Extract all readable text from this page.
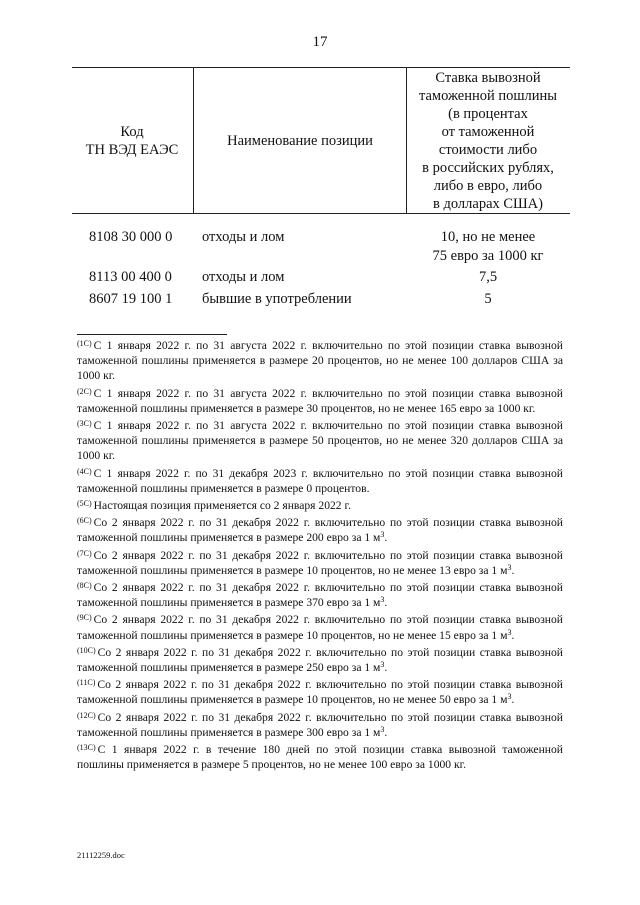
17
Код
ТН ВЭД ЕАЭС
Наименование позиции
Ставка вывозной
таможенной пошлины
(в процентах
от таможенной
стоимости либо
в российских рублях,
либо в евро, либо
в долларах США)
8108 30 000 0 отходы и лом	10, но не менее
75 евро за 1000 кг
8113 00 400 0 отходы и лом	7,5
8607 19 100 1 бывшие в употреблении	5

$^{(1С)}$ С 1 января 2022 г. по 31 августа 2022 г. включительно по этой позиции ставка вывозной таможенной пошлины применяется в размере 20 процентов, но не менее 100 долларов США за 1000 кг.

$^{(2С)}$ С 1 января 2022 г. по 31 августа 2022 г. включительно по этой позиции ставка вывозной таможенной пошлины применяется в размере 30 процентов, но не менее 165 евро за 1000 кг.

$^{(3С)}$ С 1 января 2022 г. по 31 августа 2022 г. включительно по этой позиции ставка вывозной таможенной пошлины применяется в размере 50 процентов, но не менее 320 долларов США за 1000 кг.

$^{(4С)}$ С 1 января 2022 г. по 31 декабря 2023 г. включительно по этой позиции ставка вывозной таможенной пошлины применяется в размере 0 процентов.

$^{(5С)}$ Настоящая позиция применяется со 2 января 2022 г.

$^{(6С)}$ Со 2 января 2022 г. по 31 декабря 2022 г. включительно по этой позиции ставка вывозной таможенной пошлины применяется в размере 200 евро за 1 $м^3$.

$^{(7С)}$ Со 2 января 2022 г. по 31 декабря 2022 г. включительно по этой позиции ставка вывозной таможенной пошлины применяется в размере 10 процентов, но не менее 13 евро за 1 $м^3$.

$^{(8С)}$ Со 2 января 2022 г. по 31 декабря 2022 г. включительно по этой позиции ставка вывозной таможенной пошлины применяется в размере 370 евро за 1 $м^3$.

$^{(9С)}$ Со 2 января 2022 г. по 31 декабря 2022 г. включительно по этой позиции ставка вывозной таможенной пошлины применяется в размере 10 процентов, но не менее 15 евро за 1 $м^3$.

$^{(10С)}$ Со 2 января 2022 г. по 31 декабря 2022 г. включительно по этой позиции ставка вывозной таможенной пошлины применяется в размере 250 евро за 1 $м^3$.

$^{(11С)}$ Со 2 января 2022 г. по 31 декабря 2022 г. включительно по этой позиции ставка вывозной таможенной пошлины применяется в размере 10 процентов, но не менее 50 евро за 1 $м^3$.

$^{(12С)}$ Со 2 января 2022 г. по 31 декабря 2022 г. включительно по этой позиции ставка вывозной таможенной пошлины применяется в размере 300 евро за 1 $м^3$.

$^{(13С)}$ С 1 января 2022 г. в течение 180 дней по этой позиции ставка вывозной таможенной пошлины применяется в размере 5 процентов, но не менее 100 евро за 1000 кг.

21112259.doc
